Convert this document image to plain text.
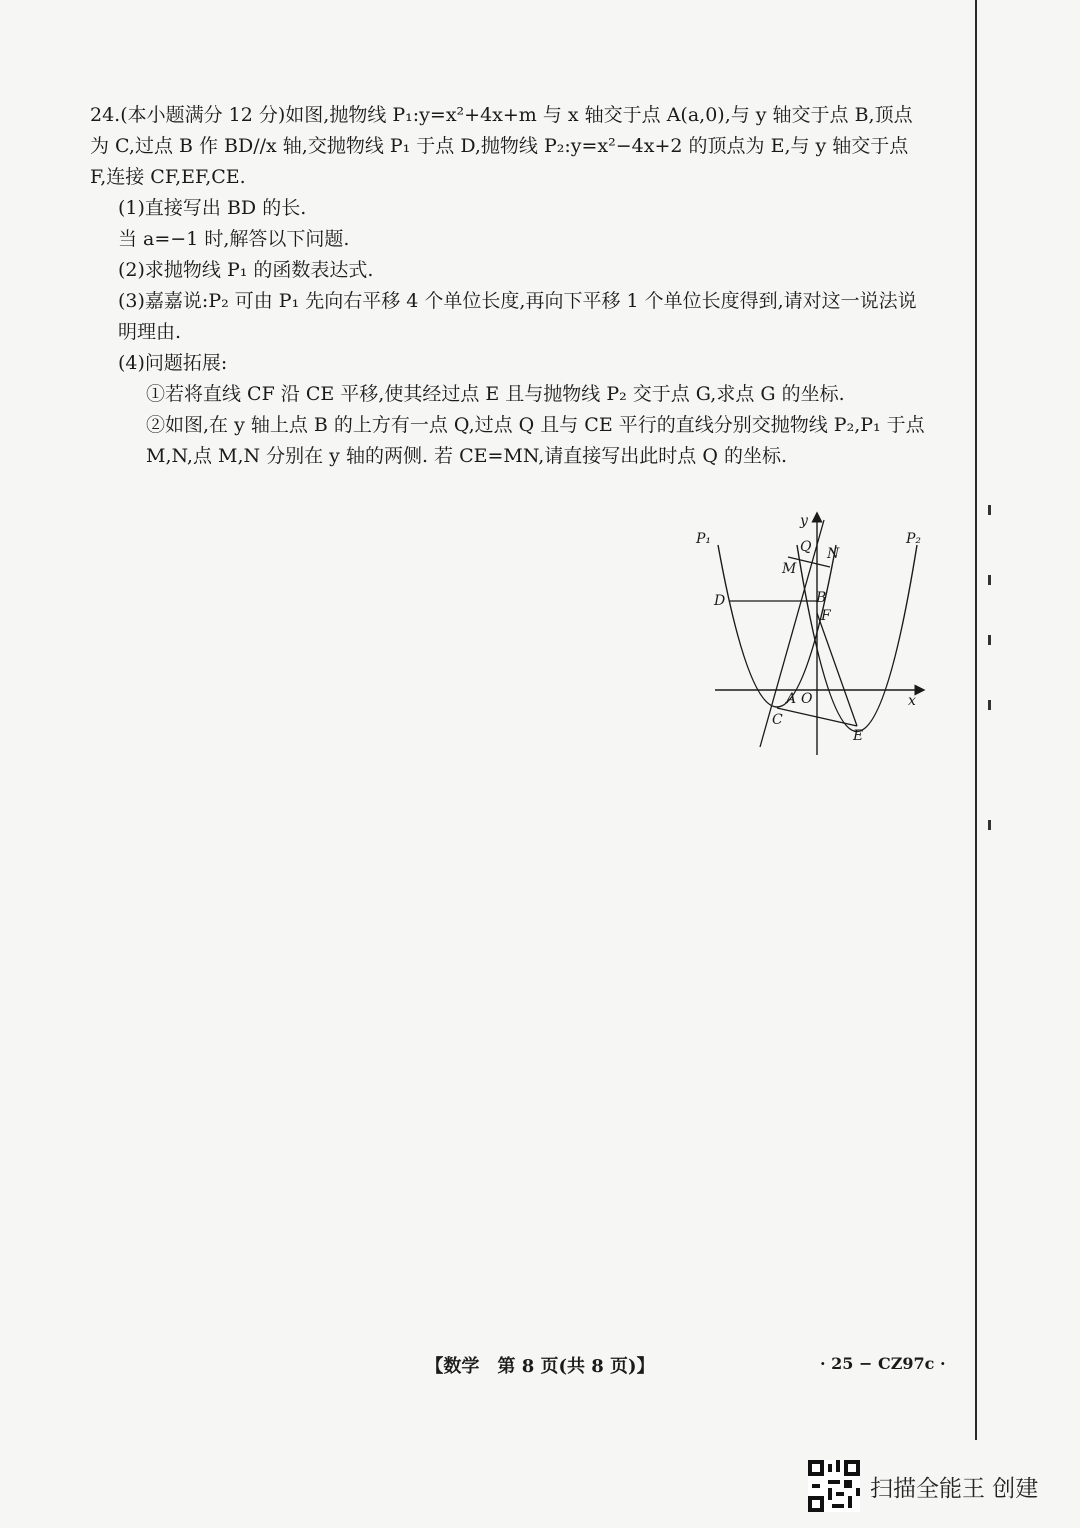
24.(本小题满分 12 分)如图,抛物线 P₁:y=x²+4x+m 与 x 轴交于点 A(a,0),与 y 轴交于点 B,顶点为 C,过点 B 作 BD//x 轴,交抛物线 P₁ 于点 D,抛物线 P₂:y=x²−4x+2 的顶点为 E,与 y 轴交于点 F,连接 CF,EF,CE.

(1)直接写出 BD 的长.

当 a=−1 时,解答以下问题.

(2)求抛物线 P₁ 的函数表达式.

(3)嘉嘉说:P₂ 可由 P₁ 先向右平移 4 个单位长度,再向下平移 1 个单位长度得到,请对这一说法说明理由.

(4)问题拓展:

①若将直线 CF 沿 CE 平移,使其经过点 E 且与抛物线 P₂ 交于点 G,求点 G 的坐标.

②如图,在 y 轴上点 B 的上方有一点 Q,过点 Q 且与 CE 平行的直线分别交抛物线 P₂,P₁ 于点 M,N,点 M,N 分别在 y 轴的两侧. 若 CE=MN,请直接写出此时点 Q 的坐标.

P₁	P₂
y
x
Q N
M
D	B
F
A O
C
E
【数学　第 8 页(共 8 页)】	· 25 − CZ97c ·
扫描全能王 创建
